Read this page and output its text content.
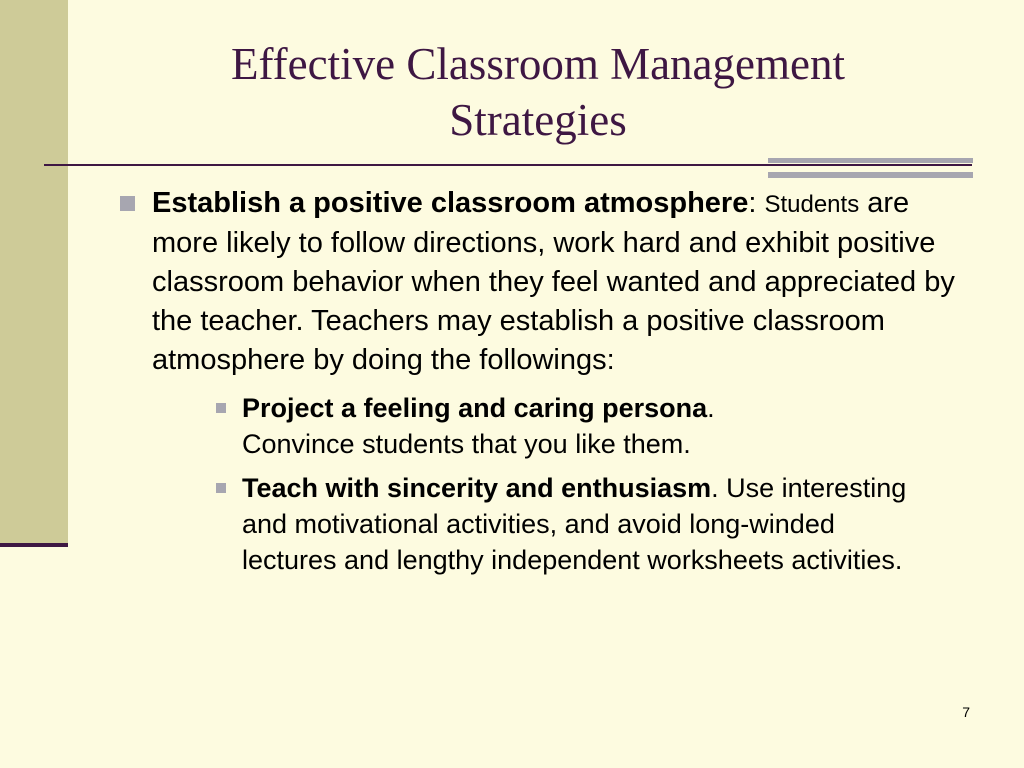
Effective Classroom Management
Strategies
Establish a positive classroom atmosphere: Students are more likely to follow directions, work hard and exhibit positive classroom behavior when they feel wanted and appreciated by the teacher. Teachers may establish a positive classroom atmosphere by doing the followings:
Project a feeling and caring persona.
Convince students that you like them.
Teach with sincerity and enthusiasm. Use interesting and motivational activities, and avoid long-winded lectures and lengthy independent worksheets activities.
7
